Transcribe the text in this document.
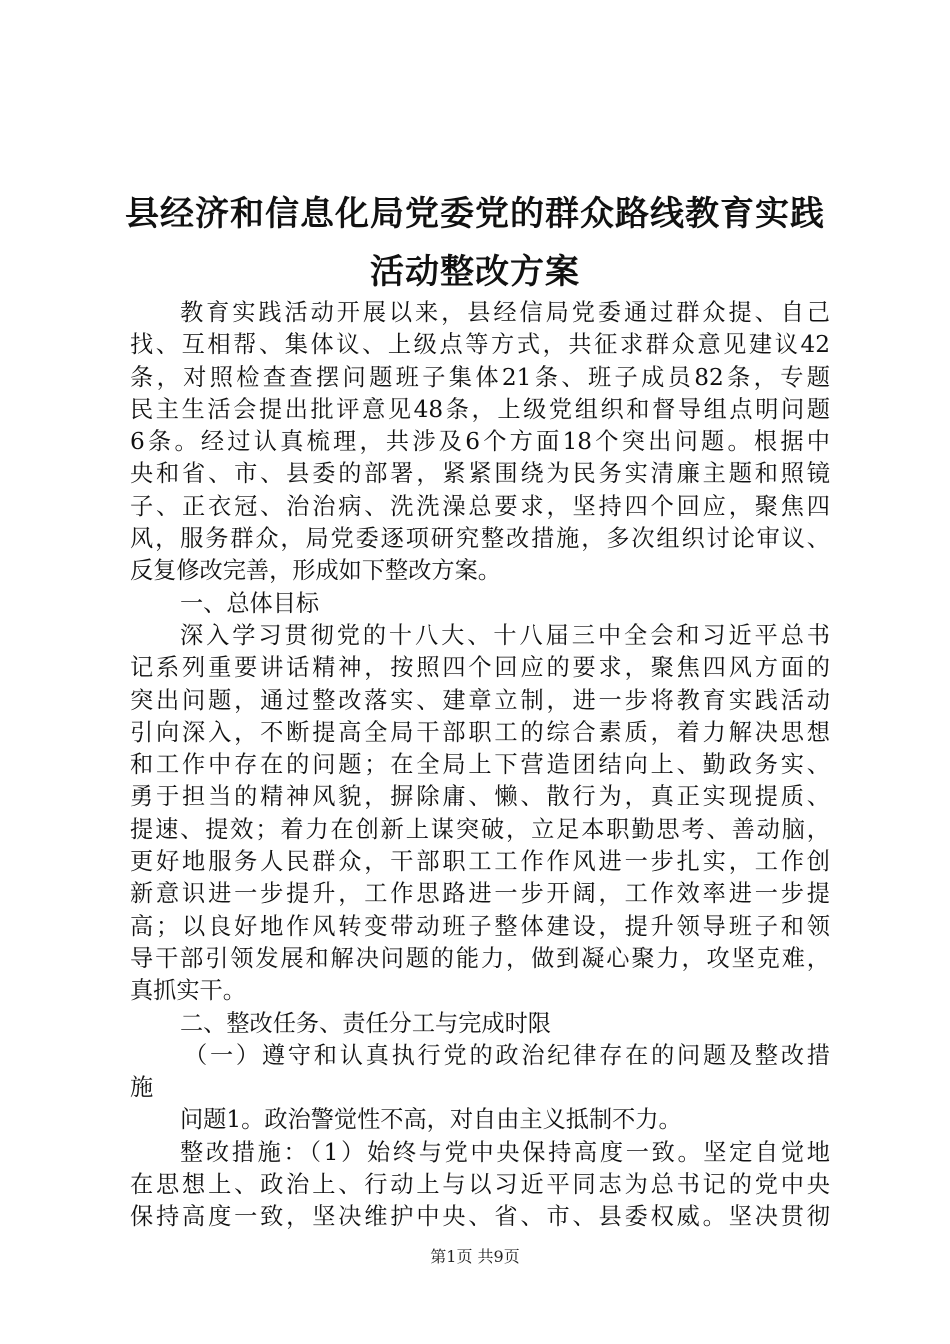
县经济和信息化局党委党的群众路线教育实践
活动整改方案
教育实践活动开展以来，县经信局党委通过群众提、自己
找、互相帮、集体议、上级点等方式，共征求群众意见建议42
条，对照检查查摆问题班子集体21条、班子成员82条，专题
民主生活会提出批评意见48条，上级党组织和督导组点明问题
6条。经过认真梳理，共涉及6个方面18个突出问题。根据中
央和省、市、县委的部署，紧紧围绕为民务实清廉主题和照镜
子、正衣冠、治治病、洗洗澡总要求，坚持四个回应，聚焦四
风，服务群众，局党委逐项研究整改措施，多次组织讨论审议、
反复修改完善，形成如下整改方案。
一、总体目标
深入学习贯彻党的十八大、十八届三中全会和习近平总书
记系列重要讲话精神，按照四个回应的要求，聚焦四风方面的
突出问题，通过整改落实、建章立制，进一步将教育实践活动
引向深入，不断提高全局干部职工的综合素质，着力解决思想
和工作中存在的问题；在全局上下营造团结向上、勤政务实、
勇于担当的精神风貌，摒除庸、懒、散行为，真正实现提质、
提速、提效；着力在创新上谋突破，立足本职勤思考、善动脑，
更好地服务人民群众，干部职工工作作风进一步扎实，工作创
新意识进一步提升，工作思路进一步开阔，工作效率进一步提
高；以良好地作风转变带动班子整体建设，提升领导班子和领
导干部引领发展和解决问题的能力，做到凝心聚力，攻坚克难，
真抓实干。
二、整改任务、责任分工与完成时限
（一）遵守和认真执行党的政治纪律存在的问题及整改措
施
问题1。政治警觉性不高，对自由主义抵制不力。
整改措施：（1）始终与党中央保持高度一致。坚定自觉地
在思想上、政治上、行动上与以习近平同志为总书记的党中央
保持高度一致，坚决维护中央、省、市、县委权威。坚决贯彻
第1页 共9页
